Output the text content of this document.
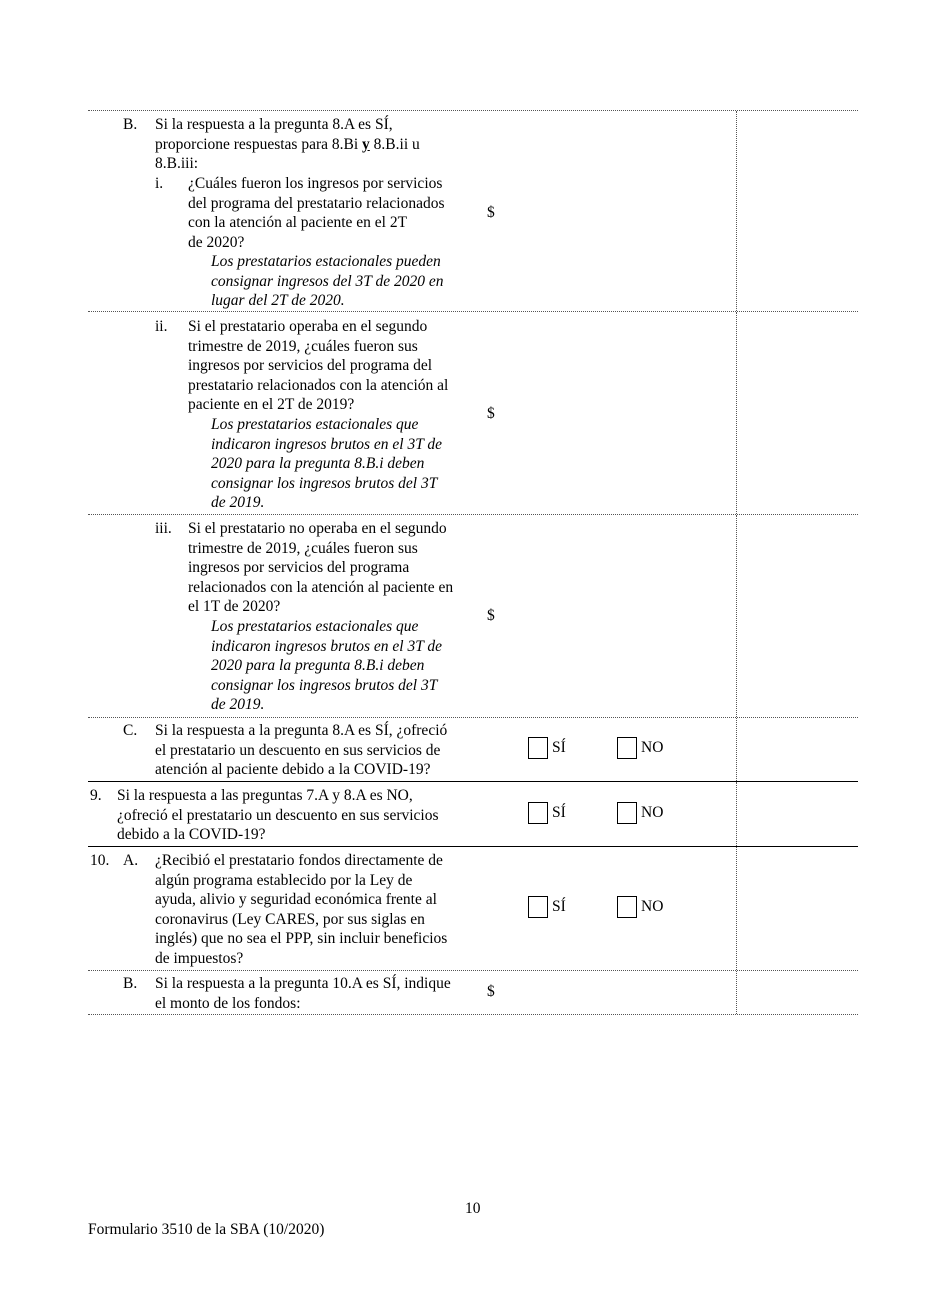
B. Si la respuesta a la pregunta 8.A es SÍ,
proporcione respuestas para 8.Bi y 8.B.ii u
8.B.iii:
i. ¿Cuáles fueron los ingresos por servicios
del programa del prestatario relacionados
con la atención al paciente en el 2T
de 2020?
Los prestatarios estacionales pueden
consignar ingresos del 3T de 2020 en
lugar del 2T de 2020.
$
ii. Si el prestatario operaba en el segundo
trimestre de 2019, ¿cuáles fueron sus
ingresos por servicios del programa del
prestatario relacionados con la atención al
paciente en el 2T de 2019?
Los prestatarios estacionales que
indicaron ingresos brutos en el 3T de
2020 para la pregunta 8.B.i deben
consignar los ingresos brutos del 3T
de 2019.
$
iii. Si el prestatario no operaba en el segundo
trimestre de 2019, ¿cuáles fueron sus
ingresos por servicios del programa
relacionados con la atención al paciente en
el 1T de 2020?
Los prestatarios estacionales que
indicaron ingresos brutos en el 3T de
2020 para la pregunta 8.B.i deben
consignar los ingresos brutos del 3T
de 2019.
$
C. Si la respuesta a la pregunta 8.A es SÍ, ¿ofreció
el prestatario un descuento en sus servicios de
atención al paciente debido a la COVID-19?
SÍ	NO
9. Si la respuesta a las preguntas 7.A y 8.A es NO,
¿ofreció el prestatario un descuento en sus servicios
debido a la COVID-19?
SÍ	NO
10. A. ¿Recibió el prestatario fondos directamente de
algún programa establecido por la Ley de
ayuda, alivio y seguridad económica frente al
coronavirus (Ley CARES, por sus siglas en
inglés) que no sea el PPP, sin incluir beneficios
de impuestos?
SÍ	NO
B. Si la respuesta a la pregunta 10.A es SÍ, indique
el monto de los fondos:
$
10
Formulario 3510 de la SBA (10/2020)
